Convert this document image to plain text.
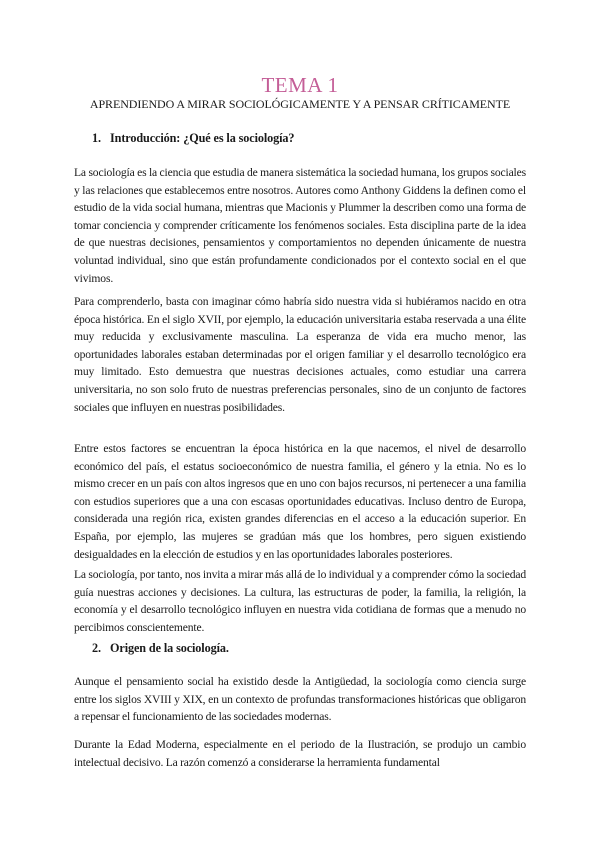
TEMA 1
APRENDIENDO A MIRAR SOCIOLÓGICAMENTE Y A PENSAR CRÍTICAMENTE
1. Introducción: ¿Qué es la sociología?

La sociología es la ciencia que estudia de manera sistemática la sociedad humana, los grupos sociales y las relaciones que establecemos entre nosotros. Autores como Anthony Giddens la definen como el estudio de la vida social humana, mientras que Macionis y Plummer la describen como una forma de tomar conciencia y comprender críticamente los fenómenos sociales. Esta disciplina parte de la idea de que nuestras decisiones, pensamientos y comportamientos no dependen únicamente de nuestra voluntad individual, sino que están profundamente condicionados por el contexto social en el que vivimos.

Para comprenderlo, basta con imaginar cómo habría sido nuestra vida si hubiéramos nacido en otra época histórica. En el siglo XVII, por ejemplo, la educación universitaria estaba reservada a una élite muy reducida y exclusivamente masculina. La esperanza de vida era mucho menor, las oportunidades laborales estaban determinadas por el origen familiar y el desarrollo tecnológico era muy limitado. Esto demuestra que nuestras decisiones actuales, como estudiar una carrera universitaria, no son solo fruto de nuestras preferencias personales, sino de un conjunto de factores sociales que influyen en nuestras posibilidades.

Entre estos factores se encuentran la época histórica en la que nacemos, el nivel de desarrollo económico del país, el estatus socioeconómico de nuestra familia, el género y la etnia. No es lo mismo crecer en un país con altos ingresos que en uno con bajos recursos, ni pertenecer a una familia con estudios superiores que a una con escasas oportunidades educativas. Incluso dentro de Europa, considerada una región rica, existen grandes diferencias en el acceso a la educación superior. En España, por ejemplo, las mujeres se gradúan más que los hombres, pero siguen existiendo desigualdades en la elección de estudios y en las oportunidades laborales posteriores.

La sociología, por tanto, nos invita a mirar más allá de lo individual y a comprender cómo la sociedad guía nuestras acciones y decisiones. La cultura, las estructuras de poder, la familia, la religión, la economía y el desarrollo tecnológico influyen en nuestra vida cotidiana de formas que a menudo no percibimos conscientemente.

2. Origen de la sociología.

Aunque el pensamiento social ha existido desde la Antigüedad, la sociología como ciencia surge entre los siglos XVIII y XIX, en un contexto de profundas transformaciones históricas que obligaron a repensar el funcionamiento de las sociedades modernas.

Durante la Edad Moderna, especialmente en el periodo de la Ilustración, se produjo un cambio intelectual decisivo. La razón comenzó a considerarse la herramienta fundamental
